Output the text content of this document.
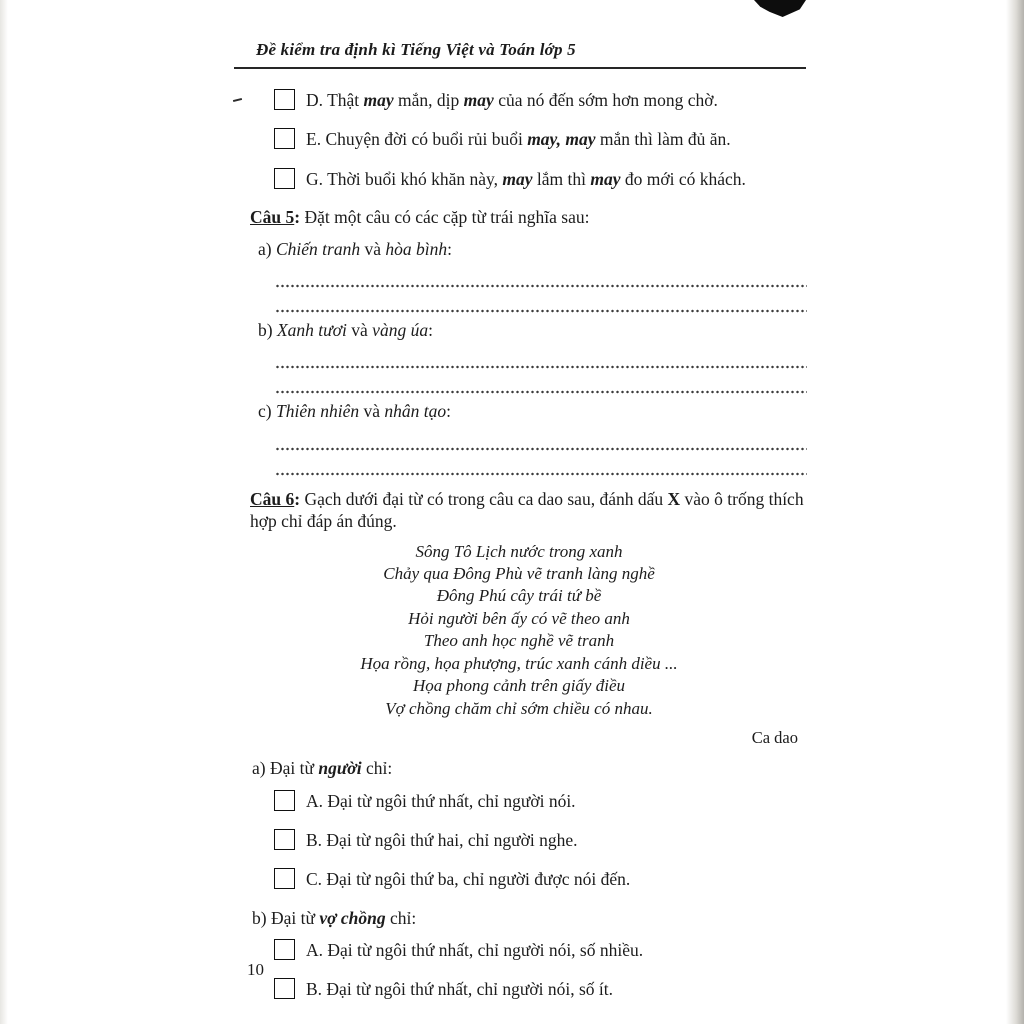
Đề kiểm tra định kì Tiếng Việt và Toán lớp 5
D. Thật may mắn, dịp may của nó đến sớm hơn mong chờ.
E. Chuyện đời có buổi rủi buổi may, may mắn thì làm đủ ăn.
G. Thời buổi khó khăn này, may lắm thì may đo mới có khách.
Câu 5: Đặt một câu có các cặp từ trái nghĩa sau:
a) Chiến tranh và hòa bình:
b) Xanh tươi và vàng úa:
c) Thiên nhiên và nhân tạo:
Câu 6: Gạch dưới đại từ có trong câu ca dao sau, đánh dấu X vào ô trống thích hợp chỉ đáp án đúng.
Sông Tô Lịch nước trong xanh
Chảy qua Đông Phù vẽ tranh làng nghề
Đông Phú cây trái tứ bề
Hỏi người bên ấy có vẽ theo anh
Theo anh học nghề vẽ tranh
Họa rồng, họa phượng, trúc xanh cánh diều ...
Họa phong cảnh trên giấy điều
Vợ chồng chăm chỉ sớm chiều có nhau.
Ca dao
a) Đại từ người chỉ:
A. Đại từ ngôi thứ nhất, chỉ người nói.
B. Đại từ ngôi thứ hai, chỉ người nghe.
C. Đại từ ngôi thứ ba, chỉ người được nói đến.
b) Đại từ vợ chồng chỉ:
A. Đại từ ngôi thứ nhất, chỉ người nói, số nhiều.
B. Đại từ ngôi thứ nhất, chỉ người nói, số ít.
10
